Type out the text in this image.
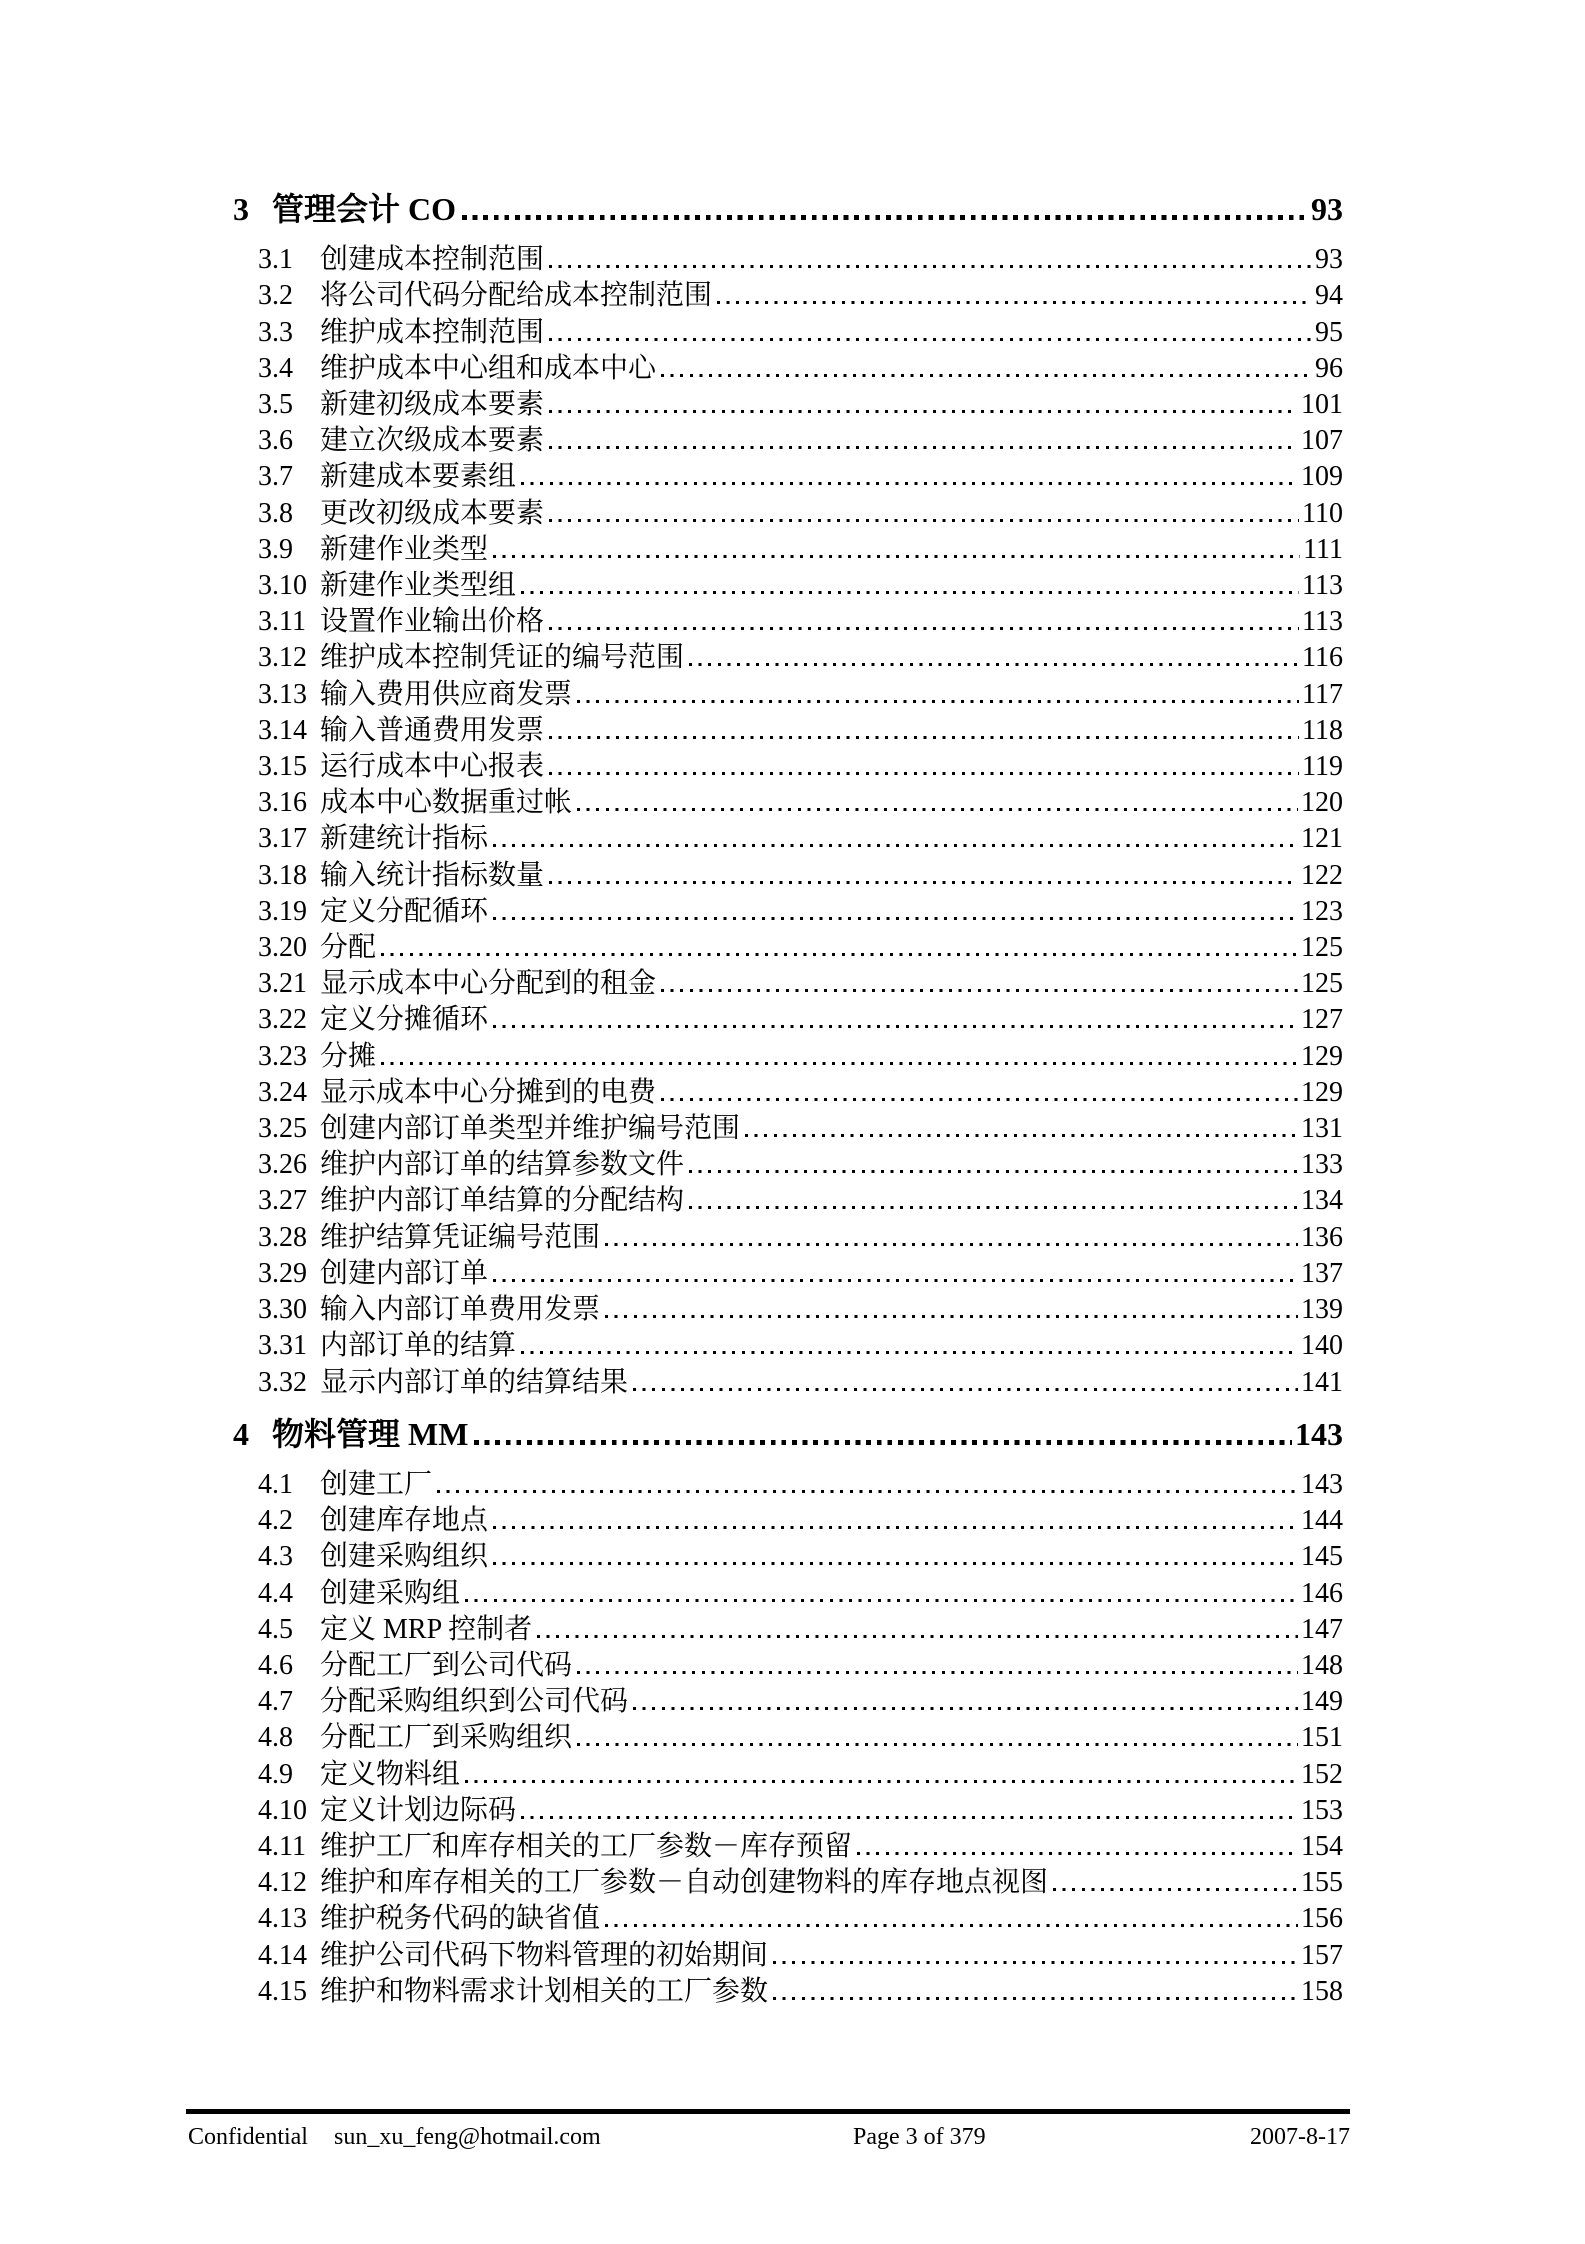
3 管理会计 CO	93
3.1 创建成本控制范围	93
3.2 将公司代码分配给成本控制范围	94
3.3 维护成本控制范围	95
3.4 维护成本中心组和成本中心	96
3.5 新建初级成本要素	101
3.6 建立次级成本要素	107
3.7 新建成本要素组	109
3.8 更改初级成本要素	110
3.9 新建作业类型	111
3.10 新建作业类型组	113
3.11 设置作业输出价格	113
3.12 维护成本控制凭证的编号范围	116
3.13 输入费用供应商发票	117
3.14 输入普通费用发票	118
3.15 运行成本中心报表	119
3.16 成本中心数据重过帐	120
3.17 新建统计指标	121
3.18 输入统计指标数量	122
3.19 定义分配循环	123
3.20 分配	125
3.21 显示成本中心分配到的租金	125
3.22 定义分摊循环	127
3.23 分摊	129
3.24 显示成本中心分摊到的电费	129
3.25 创建内部订单类型并维护编号范围	131
3.26 维护内部订单的结算参数文件	133
3.27 维护内部订单结算的分配结构	134
3.28 维护结算凭证编号范围	136
3.29 创建内部订单	137
3.30 输入内部订单费用发票	139
3.31 内部订单的结算	140
3.32 显示内部订单的结算结果	141
4 物料管理 MM	143
4.1 创建工厂	143
4.2 创建库存地点	144
4.3 创建采购组织	145
4.4 创建采购组	146
4.5 定义 MRP 控制者	147
4.6 分配工厂到公司代码	148
4.7 分配采购组织到公司代码	149
4.8 分配工厂到采购组织	151
4.9 定义物料组	152
4.10 定义计划边际码	153
4.11 维护工厂和库存相关的工厂参数－库存预留	154
4.12 维护和库存相关的工厂参数－自动创建物料的库存地点视图	155
4.13 维护税务代码的缺省值	156
4.14 维护公司代码下物料管理的初始期间	157
4.15 维护和物料需求计划相关的工厂参数	158
Confidential sun_xu_feng@hotmail.com	Page 3 of 379	2007-8-17
